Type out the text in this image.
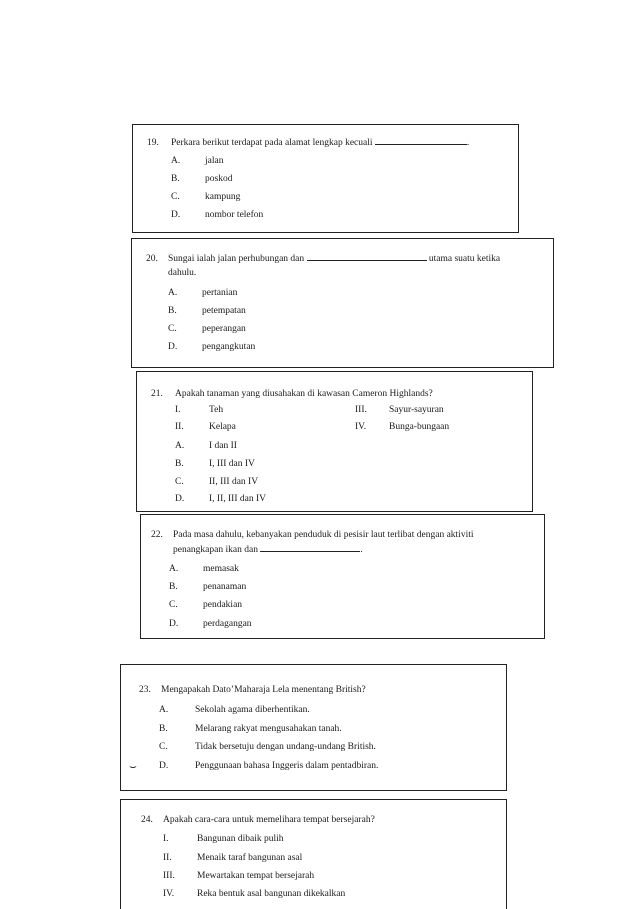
19. Perkara berikut terdapat pada alamat lengkap kecuali	.
A.	jalan
B.	poskod
C.	kampung
D.	nombor telefon
20. Sungai ialah jalan perhubungan dan	utama suatu ketika
dahulu.
A.	pertanian
B.	petempatan
C.	peperangan
D.	pengangkutan
21. Apakah tanaman yang diusahakan di kawasan Cameron Highlands?
I.	Teh	III.	Sayur-sayuran
II.	Kelapa	IV.	Bunga-bungaan
A.	I dan II
B.	I, III dan IV
C.	II, III dan IV
D.	I, II, III dan IV
22. Pada masa dahulu, kebanyakan penduduk di pesisir laut terlibat dengan aktiviti
penangkapan ikan dan	.
A.	memasak
B.	penanaman
C.	pendakian
D.	perdagangan
23. Mengapakah Dato’Maharaja Lela menentang British?
A.	Sekolah agama diberhentikan.
B.	Melarang rakyat mengusahakan tanah.
C.	Tidak bersetuju dengan undang-undang British.
⌣ D.	Penggunaan bahasa Inggeris dalam pentadbiran.
24. Apakah cara-cara untuk memelihara tempat bersejarah?
I.	Bangunan dibaik pulih
II.	Menaik taraf bangunan asal
III.	Mewartakan tempat bersejarah
IV.	Reka bentuk asal bangunan dikekalkan
